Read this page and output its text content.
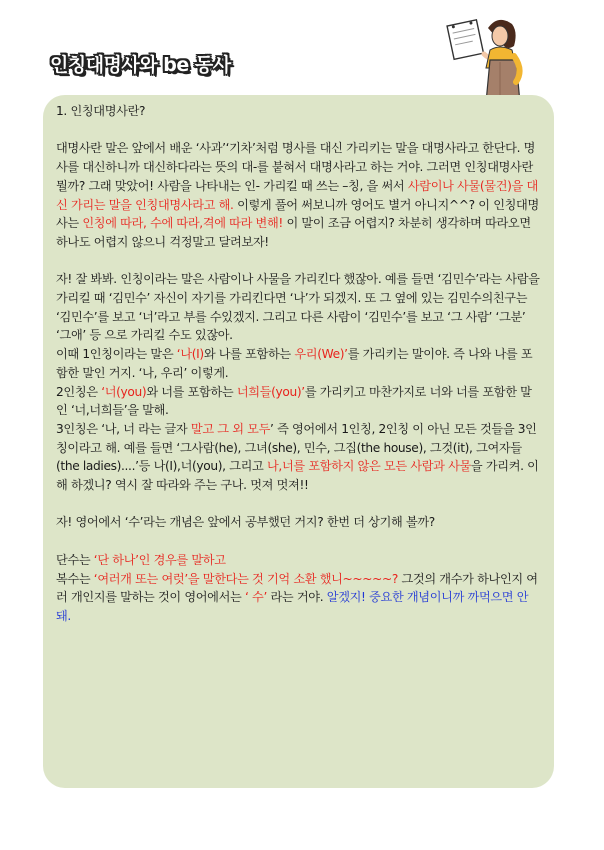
인칭대명사와 be 동사

1. 인칭대명사란?

대명사란 말은 앞에서 배운 ‘사과’‘기차’처럼 명사를 대신 가리키는 말을 대명사라고 한단다. 명사를 대신하니까 대신하다라는 뜻의 대-를 붙혀서 대명사라고 하는 거야. 그러면 인칭대명사란 뭘까? 그래 맞았어! 사람을 나타내는 인- 가리킬 때 쓰는 –칭, 을 써서 사람이나 사물(물건)을 대신 가리는 말을 인칭대명사라고 해. 이렇게 풀어 써보니까 영어도 별거 아니지^^? 이 인칭대명사는 인칭에 따라, 수에 따라,격에 따라 변해! 이 말이 조금 어렵지? 차분히 생각하며 따라오면 하나도 어렵지 않으니 걱정말고 달려보자!

자! 잘 봐봐. 인칭이라는 말은 사람이나 사물을 가리킨다 했잖아. 예를 들면 ‘김민수’라는 사람을 가리킬 때 ‘김민수’ 자신이 자기를 가리킨다면 ‘나’가 되겠지. 또 그 옆에 있는 김민수의친구는 ‘김민수’를 보고 ‘너’라고 부를 수있겠지. 그리고 다른 사람이 ‘김민수’를 보고 ‘그 사람’ ‘그분’ ‘그애’ 등 으로 가리킬 수도 있잖아.

이때 1인칭이라는 말은 ‘나(I)와 나를 포함하는 우리(We)’를 가리키는 말이야. 즉 나와 나를 포함한 말인 거지. ‘나, 우리’ 이렇게.

2인칭은 ‘너(you)와 너를 포함하는 너희들(you)’를 가리키고 마찬가지로 너와 너를 포함한 말인 ‘너,너희들’을 말해.

3인칭은 ‘나, 너 라는 글자 말고 그 외 모두’ 즉 영어에서 1인칭, 2인칭 이 아닌 모든 것들을 3인칭이라고 해. 예를 들면 ‘그사람(he), 그녀(she), 민수, 그집(the house), 그것(it), 그여자들(the ladies)....’등 나(I),너(you), 그리고 나,너를 포함하지 않은 모든 사람과 사물을 가리켜. 이해 하겠니? 역시 잘 따라와 주는 구나. 멋져 멋져!!

자! 영어에서 ‘수’라는 개념은 앞에서 공부했던 거지? 한번 더 상기해 볼까?

단수는 ‘단 하나’인 경우를 말하고

복수는 ‘여러개 또는 여럿’을 말한다는 것 기억 소환 했니~~~~~? 그것의 개수가 하나인지 여러 개인지를 말하는 것이 영어에서는 ‘ 수’ 라는 거야. 알겠지! 중요한 개념이니까 까먹으면 안돼.
